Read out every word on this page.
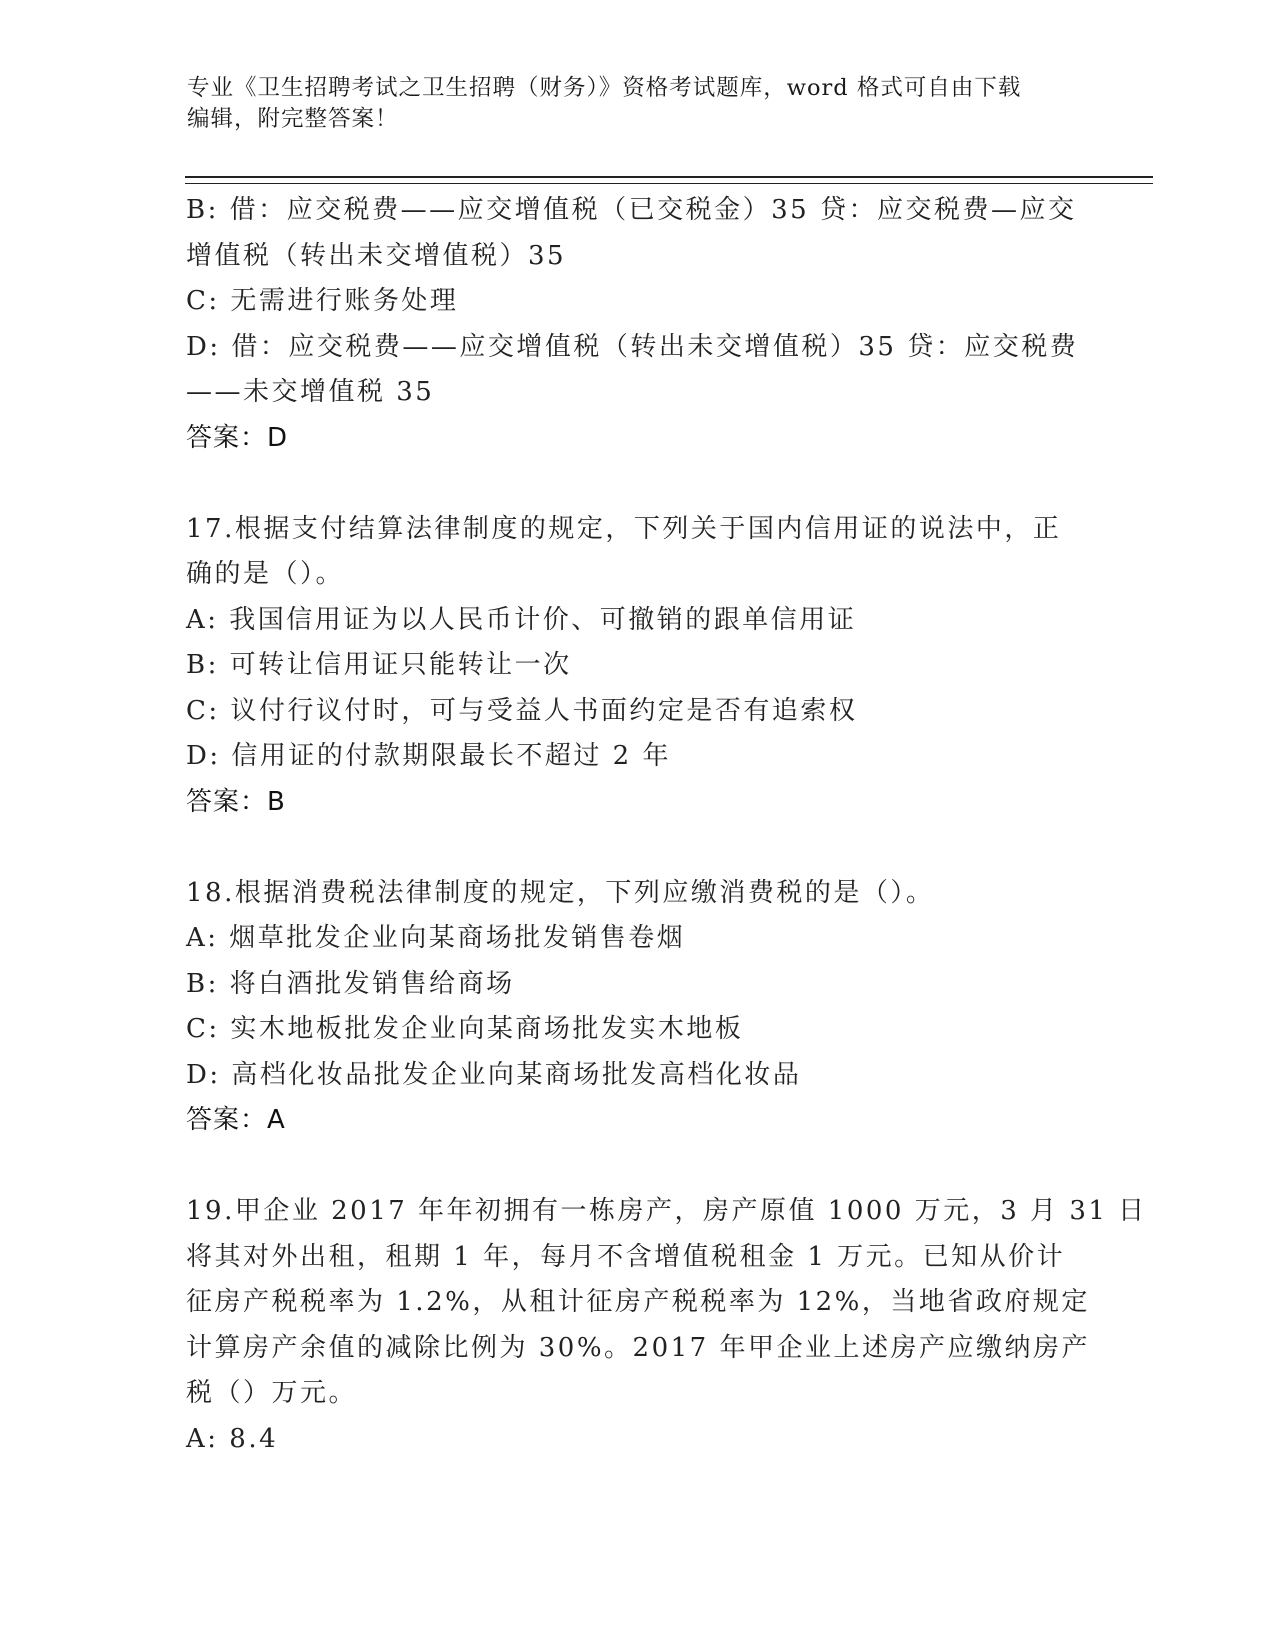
专业《卫生招聘考试之卫生招聘（财务）》资格考试题库，word 格式可自由下载
编辑，附完整答案！
B: 借：应交税费——应交增值税（已交税金）35 贷：应交税费—应交
增值税（转出未交增值税）35
C: 无需进行账务处理
D: 借：应交税费——应交增值税（转出未交增值税）35 贷：应交税费
——未交增值税 35
答案：D
17.根据支付结算法律制度的规定，下列关于国内信用证的说法中，正
确的是（）。
A: 我国信用证为以人民币计价、可撤销的跟单信用证
B: 可转让信用证只能转让一次
C: 议付行议付时，可与受益人书面约定是否有追索权
D: 信用证的付款期限最长不超过 2 年
答案：B
18.根据消费税法律制度的规定，下列应缴消费税的是（）。
A: 烟草批发企业向某商场批发销售卷烟
B: 将白酒批发销售给商场
C: 实木地板批发企业向某商场批发实木地板
D: 高档化妆品批发企业向某商场批发高档化妆品
答案：A
19.甲企业 2017 年年初拥有一栋房产，房产原值 1000 万元，3 月 31 日
将其对外出租，租期 1 年，每月不含增值税租金 1 万元。已知从价计
征房产税税率为 1.2%，从租计征房产税税率为 12%，当地省政府规定
计算房产余值的减除比例为 30%。2017 年甲企业上述房产应缴纳房产
税（）万元。
A: 8.4
